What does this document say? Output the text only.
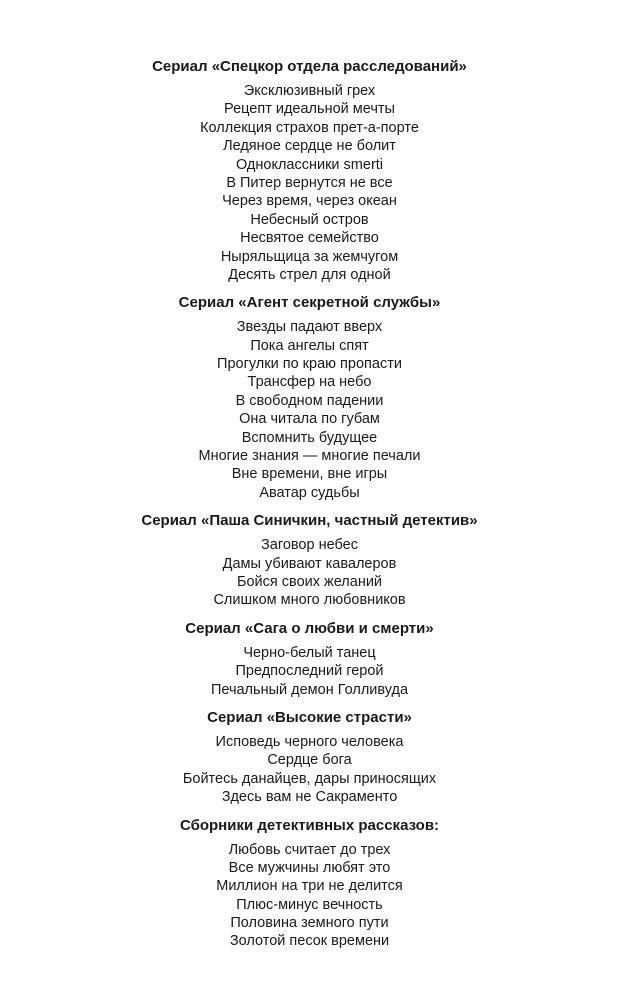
Сериал «Спецкор отдела расследований»
Эксклюзивный грех
Рецепт идеальной мечты
Коллекция страхов прет-а-порте
Ледяное сердце не болит
Одноклассники smerti
В Питер вернутся не все
Через время, через океан
Небесный остров
Несвятое семейство
Ныряльщица за жемчугом
Десять стрел для одной
Сериал «Агент секретной службы»
Звезды падают вверх
Пока ангелы спят
Прогулки по краю пропасти
Трансфер на небо
В свободном падении
Она читала по губам
Вспомнить будущее
Многие знания — многие печали
Вне времени, вне игры
Аватар судьбы
Сериал «Паша Синичкин, частный детектив»
Заговор небес
Дамы убивают кавалеров
Бойся своих желаний
Слишком много любовников
Сериал «Сага о любви и смерти»
Черно-белый танец
Предпоследний герой
Печальный демон Голливуда
Сериал «Высокие страсти»
Исповедь черного человека
Сердце бога
Бойтесь данайцев, дары приносящих
Здесь вам не Сакраменто
Сборники детективных рассказов:
Любовь считает до трех
Все мужчины любят это
Миллион на три не делится
Плюс-минус вечность
Половина земного пути
Золотой песок времени
